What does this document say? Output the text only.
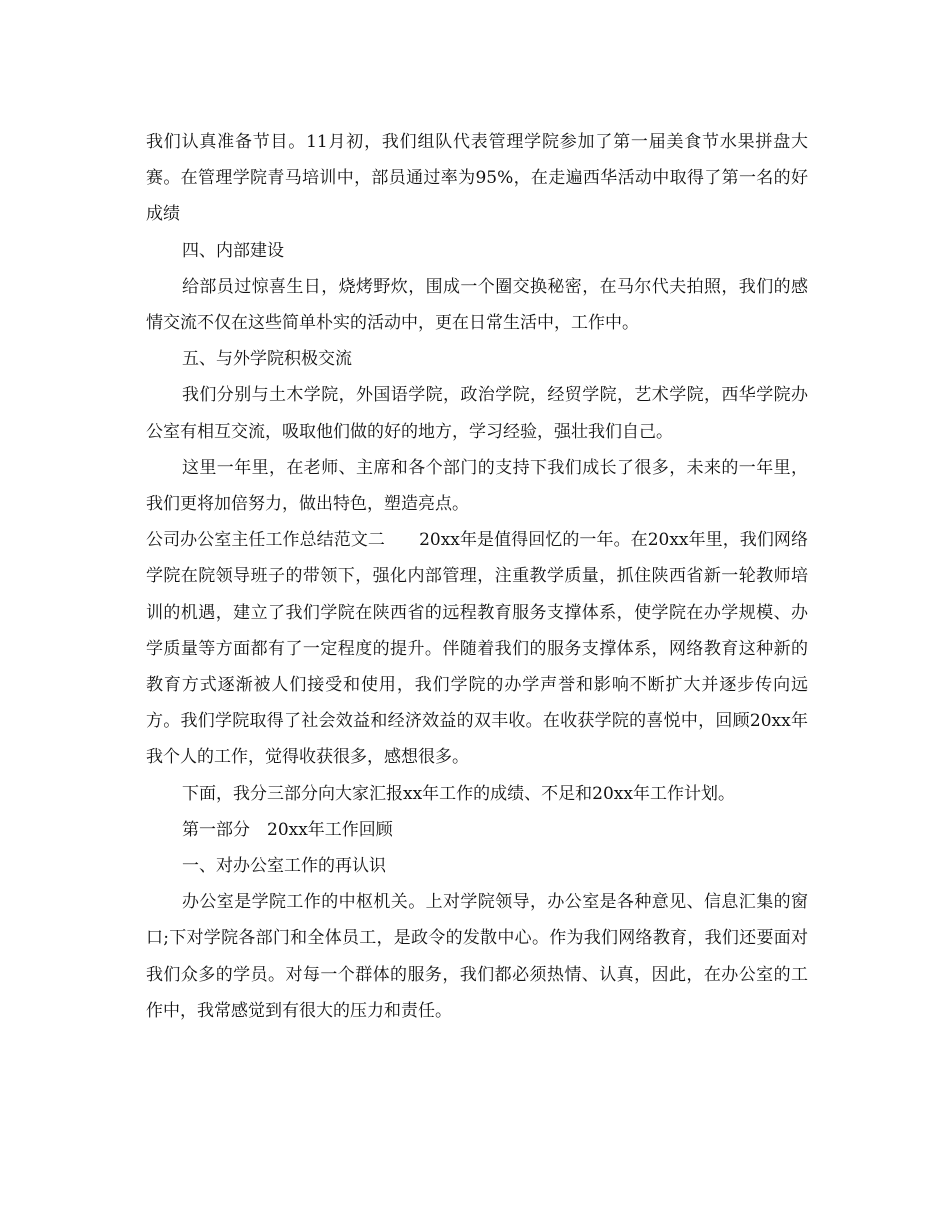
我们认真准备节目。11月初，我们组队代表管理学院参加了第一届美食节水果拼盘大赛。在管理学院青马培训中，部员通过率为95%，在走遍西华活动中取得了第一名的好成绩

四、内部建设

给部员过惊喜生日，烧烤野炊，围成一个圈交换秘密，在马尔代夫拍照，我们的感情交流不仅在这些简单朴实的活动中，更在日常生活中，工作中。

五、与外学院积极交流

我们分别与土木学院，外国语学院，政治学院，经贸学院，艺术学院，西华学院办公室有相互交流，吸取他们做的好的地方，学习经验，强壮我们自己。

这里一年里，在老师、主席和各个部门的支持下我们成长了很多，未来的一年里，我们更将加倍努力，做出特色，塑造亮点。

公司办公室主任工作总结范文二　　20xx年是值得回忆的一年。在20xx年里，我们网络学院在院领导班子的带领下，强化内部管理，注重教学质量，抓住陕西省新一轮教师培训的机遇，建立了我们学院在陕西省的远程教育服务支撑体系，使学院在办学规模、办学质量等方面都有了一定程度的提升。伴随着我们的服务支撑体系，网络教育这种新的教育方式逐渐被人们接受和使用，我们学院的办学声誉和影响不断扩大并逐步传向远方。我们学院取得了社会效益和经济效益的双丰收。在收获学院的喜悦中，回顾20xx年我个人的工作，觉得收获很多，感想很多。

下面，我分三部分向大家汇报xx年工作的成绩、不足和20xx年工作计划。

第一部分　20xx年工作回顾

一、对办公室工作的再认识

办公室是学院工作的中枢机关。上对学院领导，办公室是各种意见、信息汇集的窗口;下对学院各部门和全体员工，是政令的发散中心。作为我们网络教育，我们还要面对我们众多的学员。对每一个群体的服务，我们都必须热情、认真，因此，在办公室的工作中，我常感觉到有很大的压力和责任。
